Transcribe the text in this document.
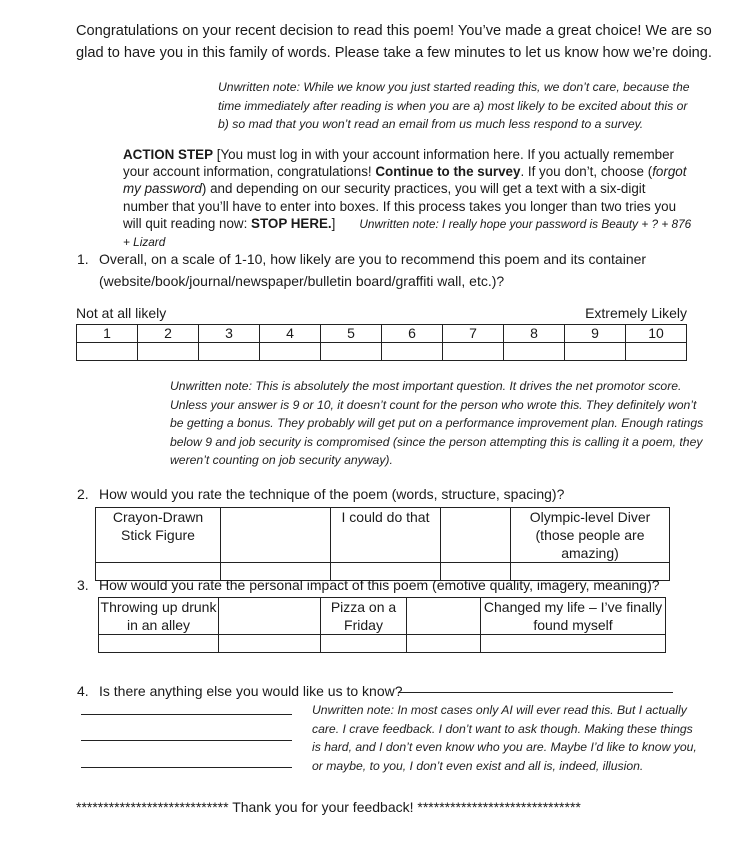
Congratulations on your recent decision to read this poem! You’ve made a great choice! We are so glad to have you in this family of words. Please take a few minutes to let us know how we’re doing.
Unwritten note: While we know you just started reading this, we don’t care, because the time immediately after reading is when you are a) most likely to be excited about this or b) so mad that you won’t read an email from us much less respond to a survey.
ACTION STEP [You must log in with your account information here. If you actually remember your account information, congratulations! Continue to the survey. If you don’t, choose (forgot my password) and depending on our security practices, you will get a text with a six-digit number that you’ll have to enter into boxes. If this process takes you longer than two tries you will quit reading now: STOP HERE.] Unwritten note: I really hope your password is Beauty + ? + 876 + Lizard
1. Overall, on a scale of 1-10, how likely are you to recommend this poem and its container (website/book/journal/newspaper/bulletin board/graffiti wall, etc.)?
Not at all likely	Extremely Likely
1	2	3	4	5	6	7	8	9	10

Unwritten note: This is absolutely the most important question. It drives the net promotor score. Unless your answer is 9 or 10, it doesn’t count for the person who wrote this. They definitely won’t be getting a bonus. They probably will get put on a performance improvement plan. Enough ratings below 9 and job security is compromised (since the person attempting this is calling it a poem, they weren’t counting on job security anyway).
2. How would you rate the technique of the poem (words, structure, spacing)?
Crayon-Drawn Stick Figure		I could do that		Olympic-level Diver (those people are amazing)

3. How would you rate the personal impact of this poem (emotive quality, imagery, meaning)?
Throwing up drunk in an alley		Pizza on a Friday		Changed my life – I’ve finally found myself

4. Is there anything else you would like us to know?
Unwritten note: In most cases only AI will ever read this. But I actually care. I crave feedback. I don’t want to ask though. Making these things is hard, and I don’t even know who you are. Maybe I’d like to know you, or maybe, to you, I don’t even exist and all is, indeed, illusion.
**************************** Thank you for your feedback! ******************************
